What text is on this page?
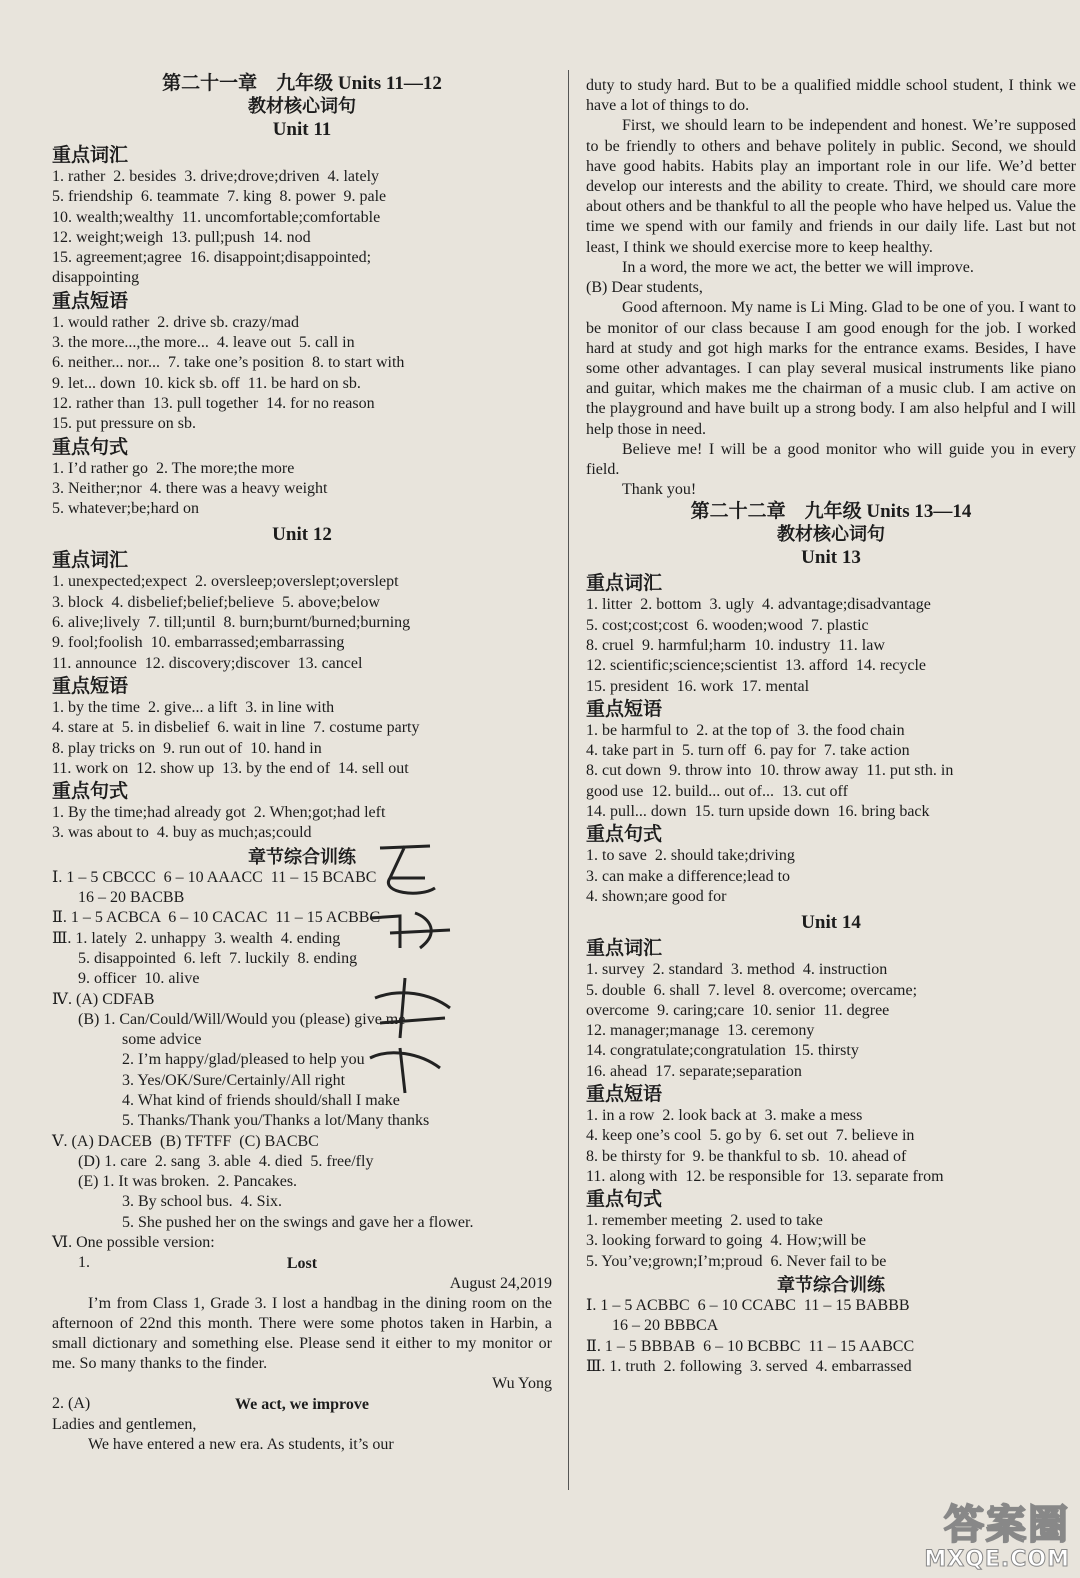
第二十一章　九年级 Units 11—12
教材核心词句
Unit 11
重点词汇
1. rather  2. besides  3. drive;drove;driven  4. lately
5. friendship  6. teammate  7. king  8. power  9. pale
10. wealth;wealthy  11. uncomfortable;comfortable
12. weight;weigh  13. pull;push  14. nod
15. agreement;agree  16. disappoint;disappointed;
disappointing
重点短语
1. would rather  2. drive sb. crazy/mad
3. the more...,the more...  4. leave out  5. call in
6. neither... nor...  7. take one’s position  8. to start with
9. let... down  10. kick sb. off  11. be hard on sb.
12. rather than  13. pull together  14. for no reason
15. put pressure on sb.
重点句式
1. I’d rather go  2. The more;the more
3. Neither;nor  4. there was a heavy weight
5. whatever;be;hard on
Unit 12
重点词汇
1. unexpected;expect  2. oversleep;overslept;overslept
3. block  4. disbelief;belief;believe  5. above;below
6. alive;lively  7. till;until  8. burn;burnt/burned;burning
9. fool;foolish  10. embarrassed;embarrassing
11. announce  12. discovery;discover  13. cancel
重点短语
1. by the time  2. give... a lift  3. in line with
4. stare at  5. in disbelief  6. wait in line  7. costume party
8. play tricks on  9. run out of  10. hand in
11. work on  12. show up  13. by the end of  14. sell out
重点句式
1. By the time;had already got  2. When;got;had left
3. was about to  4. buy as much;as;could
章节综合训练
Ⅰ. 1 – 5 CBCCC  6 – 10 AAACC  11 – 15 BCABC
16 – 20 BACBB
Ⅱ. 1 – 5 ACBCA  6 – 10 CACAC  11 – 15 ACBBC
Ⅲ. 1. lately  2. unhappy  3. wealth  4. ending
5. disappointed  6. left  7. luckily  8. ending
9. officer  10. alive
Ⅳ. (A) CDFAB
(B) 1. Can/Could/Will/Would you (please) give me
some advice
2. I’m happy/glad/pleased to help you
3. Yes/OK/Sure/Certainly/All right
4. What kind of friends should/shall I make
5. Thanks/Thank you/Thanks a lot/Many thanks
Ⅴ. (A) DACEB  (B) TFTFF  (C) BACBC
(D) 1. care  2. sang  3. able  4. died  5. free/fly
(E) 1. It was broken.  2. Pancakes.
3. By school bus.  4. Six.
5. She pushed her on the swings and gave her a flower.
Ⅵ. One possible version:
1.	Lost
August 24,2019
I’m from Class 1, Grade 3. I lost a handbag in the dining room on the afternoon of 22nd this month. There were some photos taken in Harbin, a small dictionary and something else. Please send it either to my monitor or me. So many thanks to the finder.
Wu Yong
2. (A)	We act, we improve
Ladies and gentlemen,
We have entered a new era. As students, it’s our
duty to study hard. But to be a qualified middle school student, I think we have a lot of things to do.
First, we should learn to be independent and honest. We’re supposed to be friendly to others and behave politely in public. Second, we should have good habits. Habits play an important role in our life. We’d better develop our interests and the ability to create. Third, we should care more about others and be thankful to all the people who have helped us. Value the time we spend with our family and friends in our daily life. Last but not least, I think we should exercise more to keep healthy.
In a word, the more we act, the better we will improve.
(B) Dear students,
Good afternoon. My name is Li Ming. Glad to be one of you. I want to be monitor of our class because I am good enough for the job. I worked hard at study and got high marks for the entrance exams. Besides, I have some other advantages. I can play several musical instruments like piano and guitar, which makes me the chairman of a music club. I am active on the playground and have built up a strong body. I am also helpful and I will help those in need.
Believe me! I will be a good monitor who will guide you in every field.
Thank you!
第二十二章　九年级 Units 13—14
教材核心词句
Unit 13
重点词汇
1. litter  2. bottom  3. ugly  4. advantage;disadvantage
5. cost;cost;cost  6. wooden;wood  7. plastic
8. cruel  9. harmful;harm  10. industry  11. law
12. scientific;science;scientist  13. afford  14. recycle
15. president  16. work  17. mental
重点短语
1. be harmful to  2. at the top of  3. the food chain
4. take part in  5. turn off  6. pay for  7. take action
8. cut down  9. throw into  10. throw away  11. put sth. in
good use  12. build... out of...  13. cut off
14. pull... down  15. turn upside down  16. bring back
重点句式
1. to save  2. should take;driving
3. can make a difference;lead to
4. shown;are good for
Unit 14
重点词汇
1. survey  2. standard  3. method  4. instruction
5. double  6. shall  7. level  8. overcome; overcame;
overcome  9. caring;care  10. senior  11. degree
12. manager;manage  13. ceremony
14. congratulate;congratulation  15. thirsty
16. ahead  17. separate;separation
重点短语
1. in a row  2. look back at  3. make a mess
4. keep one’s cool  5. go by  6. set out  7. believe in
8. be thirsty for  9. be thankful to sb.  10. ahead of
11. along with  12. be responsible for  13. separate from
重点句式
1. remember meeting  2. used to take
3. looking forward to going  4. How;will be
5. You’ve;grown;I’m;proud  6. Never fail to be
章节综合训练
Ⅰ. 1 – 5 ACBBC  6 – 10 CCABC  11 – 15 BABBB
16 – 20 BBBCA
Ⅱ. 1 – 5 BBBAB  6 – 10 BCBBC  11 – 15 AABCC
Ⅲ. 1. truth  2. following  3. served  4. embarrassed
答案圈
MXQE.COM
